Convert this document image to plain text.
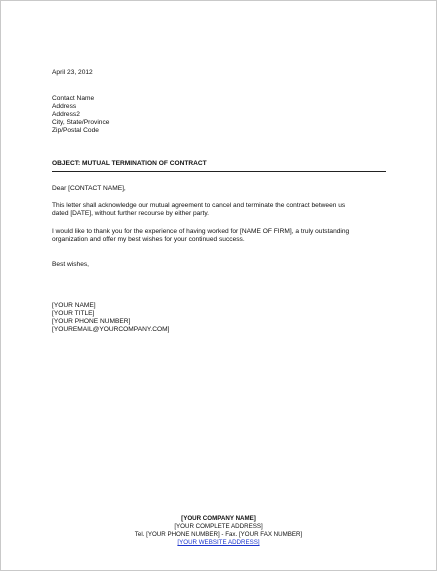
April 23, 2012
Contact Name
Address
Address2
City, State/Province
Zip/Postal Code
OBJECT: MUTUAL TERMINATION OF CONTRACT
Dear [CONTACT NAME],
This letter shall acknowledge our mutual agreement to cancel and terminate the contract between us
dated [DATE], without further recourse by either party.
I would like to thank you for the experience of having worked for [NAME OF FIRM], a truly outstanding
organization and offer my best wishes for your continued success.
Best wishes,
[YOUR NAME]
[YOUR TITLE]
[YOUR PHONE NUMBER]
[YOUREMAIL@YOURCOMPANY.COM]
[YOUR COMPANY NAME]
[YOUR COMPLETE ADDRESS]
Tel. [YOUR PHONE NUMBER] - Fax. [YOUR FAX NUMBER]
[YOUR WEBSITE ADDRESS]
